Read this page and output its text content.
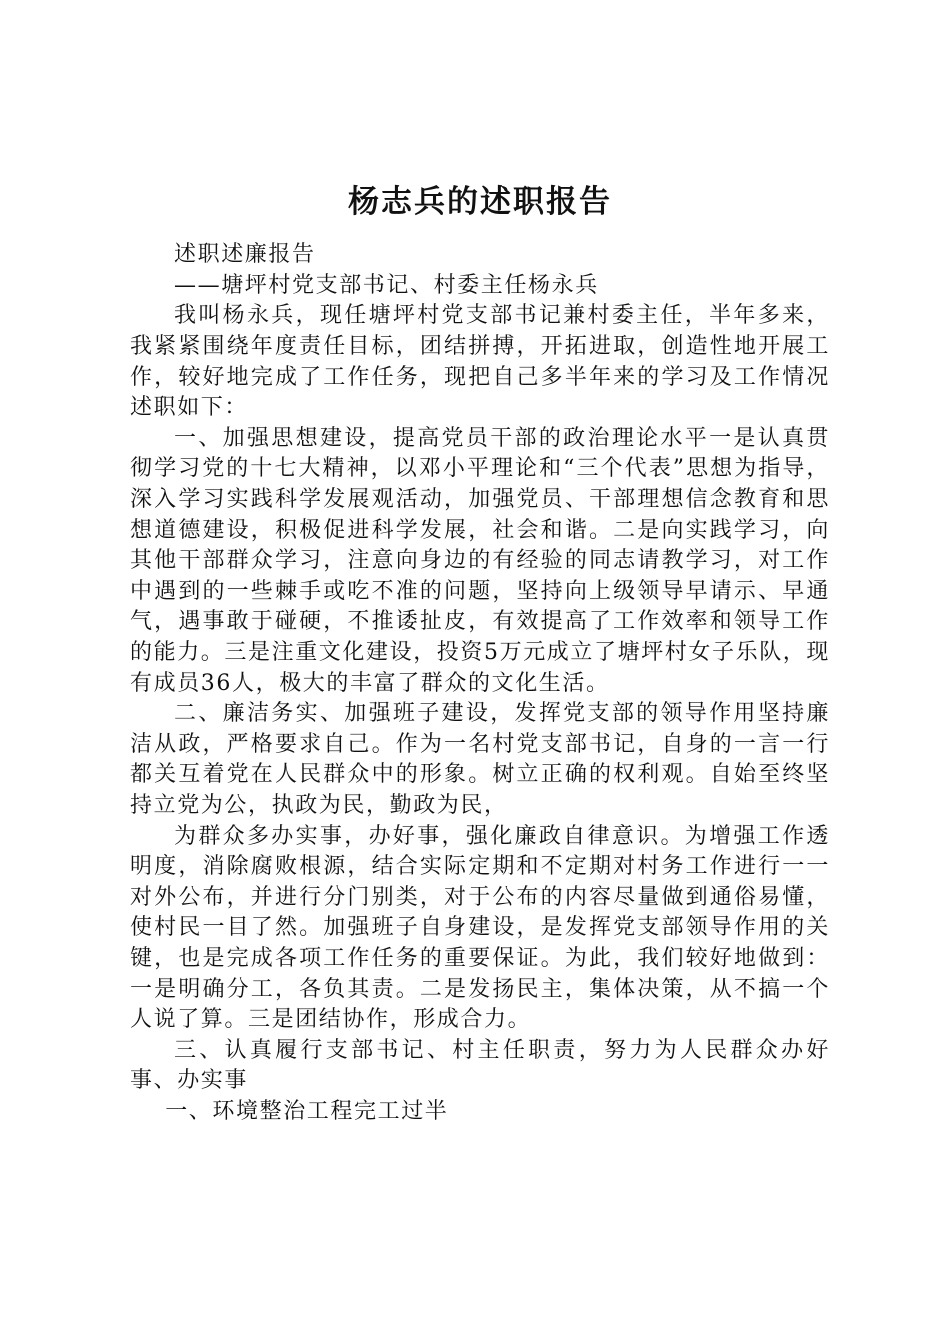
杨志兵的述职报告

述职述廉报告

——塘坪村党支部书记、村委主任杨永兵

我叫杨永兵，现任塘坪村党支部书记兼村委主任，半年多来，我紧紧围绕年度责任目标，团结拼搏，开拓进取，创造性地开展工作，较好地完成了工作任务，现把自己多半年来的学习及工作情况述职如下：

一、加强思想建设，提高党员干部的政治理论水平一是认真贯彻学习党的十七大精神，以邓小平理论和“三个代表”思想为指导，深入学习实践科学发展观活动，加强党员、干部理想信念教育和思想道德建设，积极促进科学发展，社会和谐。二是向实践学习，向其他干部群众学习，注意向身边的有经验的同志请教学习，对工作中遇到的一些棘手或吃不准的问题，坚持向上级领导早请示、早通气，遇事敢于碰硬，不推诿扯皮，有效提高了工作效率和领导工作的能力。三是注重文化建设，投资5万元成立了塘坪村女子乐队，现有成员36人，极大的丰富了群众的文化生活。

二、廉洁务实、加强班子建设，发挥党支部的领导作用坚持廉洁从政，严格要求自己。作为一名村党支部书记，自身的一言一行都关互着党在人民群众中的形象。树立正确的权利观。自始至终坚持立党为公，执政为民，勤政为民，

为群众多办实事，办好事，强化廉政自律意识。为增强工作透明度，消除腐败根源，结合实际定期和不定期对村务工作进行一一对外公布，并进行分门别类，对于公布的内容尽量做到通俗易懂，使村民一目了然。加强班子自身建设，是发挥党支部领导作用的关键，也是完成各项工作任务的重要保证。为此，我们较好地做到：一是明确分工，各负其责。二是发扬民主，集体决策，从不搞一个人说了算。三是团结协作，形成合力。

三、认真履行支部书记、村主任职责，努力为人民群众办好事、办实事

一、环境整治工程完工过半
